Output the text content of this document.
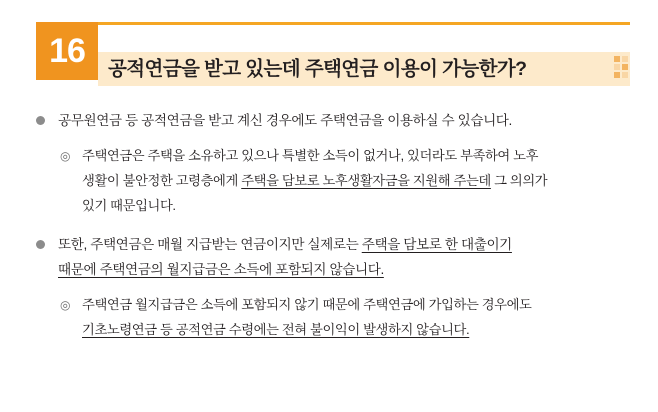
16	공적연금을 받고 있는데 주택연금 이용이 가능한가?
공무원연금 등 공적연금을 받고 계신 경우에도 주택연금을 이용하실 수 있습니다.
◎ 주택연금은 주택을 소유하고 있으나 특별한 소득이 없거나, 있더라도 부족하여 노후
생활이 불안정한 고령층에게 주택을 담보로 노후생활자금을 지원해 주는데 그 의의가
있기 때문입니다.
또한, 주택연금은 매월 지급받는 연금이지만 실제로는 주택을 담보로 한 대출이기
때문에 주택연금의 월지급금은 소득에 포함되지 않습니다.
◎ 주택연금 월지급금은 소득에 포함되지 않기 때문에 주택연금에 가입하는 경우에도
기초노령연금 등 공적연금 수령에는 전혀 불이익이 발생하지 않습니다.
